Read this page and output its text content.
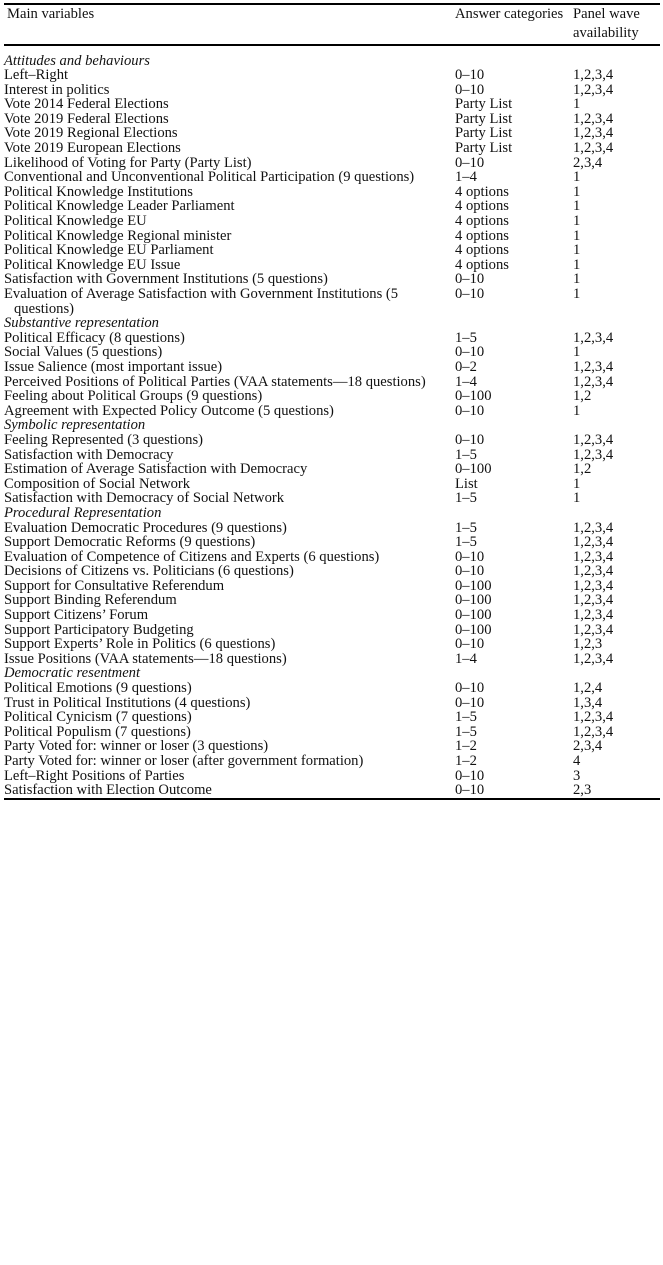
Main variables	Answer categories	Panel wave availability

Attitudes and behaviours		

Left–Right	0–10	1,2,3,4

Interest in politics	0–10	1,2,3,4

Vote 2014 Federal Elections	Party List	1

Vote 2019 Federal Elections	Party List	1,2,3,4

Vote 2019 Regional Elections	Party List	1,2,3,4

Vote 2019 European Elections	Party List	1,2,3,4

Likelihood of Voting for Party (Party List)	0–10	2,3,4

Conventional and Unconventional Political Participation (9 questions)	1–4	1

Political Knowledge Institutions	4 options	1

Political Knowledge Leader Parliament	4 options	1

Political Knowledge EU	4 options	1

Political Knowledge Regional minister	4 options	1

Political Knowledge EU Parliament	4 options	1

Political Knowledge EU Issue	4 options	1

Satisfaction with Government Institutions (5 questions)	0–10	1

Evaluation of Average Satisfaction with Government Institutions (5 questions)	0–10	1

Substantive representation		

Political Efficacy (8 questions)	1–5	1,2,3,4

Social Values (5 questions)	0–10	1

Issue Salience (most important issue)	0–2	1,2,3,4

Perceived Positions of Political Parties (VAA statements—18 questions)	1–4	1,2,3,4

Feeling about Political Groups (9 questions)	0–100	1,2

Agreement with Expected Policy Outcome (5 questions)	0–10	1

Symbolic representation		

Feeling Represented (3 questions)	0–10	1,2,3,4

Satisfaction with Democracy	1–5	1,2,3,4

Estimation of Average Satisfaction with Democracy	0–100	1,2

Composition of Social Network	List	1

Satisfaction with Democracy of Social Network	1–5	1

Procedural Representation		

Evaluation Democratic Procedures (9 questions)	1–5	1,2,3,4

Support Democratic Reforms (9 questions)	1–5	1,2,3,4

Evaluation of Competence of Citizens and Experts (6 questions)	0–10	1,2,3,4

Decisions of Citizens vs. Politicians (6 questions)	0–10	1,2,3,4

Support for Consultative Referendum	0–100	1,2,3,4

Support Binding Referendum	0–100	1,2,3,4

Support Citizens’ Forum	0–100	1,2,3,4

Support Participatory Budgeting	0–100	1,2,3,4

Support Experts’ Role in Politics (6 questions)	0–10	1,2,3

Issue Positions (VAA statements—18 questions)	1–4	1,2,3,4

Democratic resentment		

Political Emotions (9 questions)	0–10	1,2,4

Trust in Political Institutions (4 questions)	0–10	1,3,4

Political Cynicism (7 questions)	1–5	1,2,3,4

Political Populism (7 questions)	1–5	1,2,3,4

Party Voted for: winner or loser (3 questions)	1–2	2,3,4

Party Voted for: winner or loser (after government formation)	1–2	4

Left–Right Positions of Parties	0–10	3

Satisfaction with Election Outcome	0–10	2,3
